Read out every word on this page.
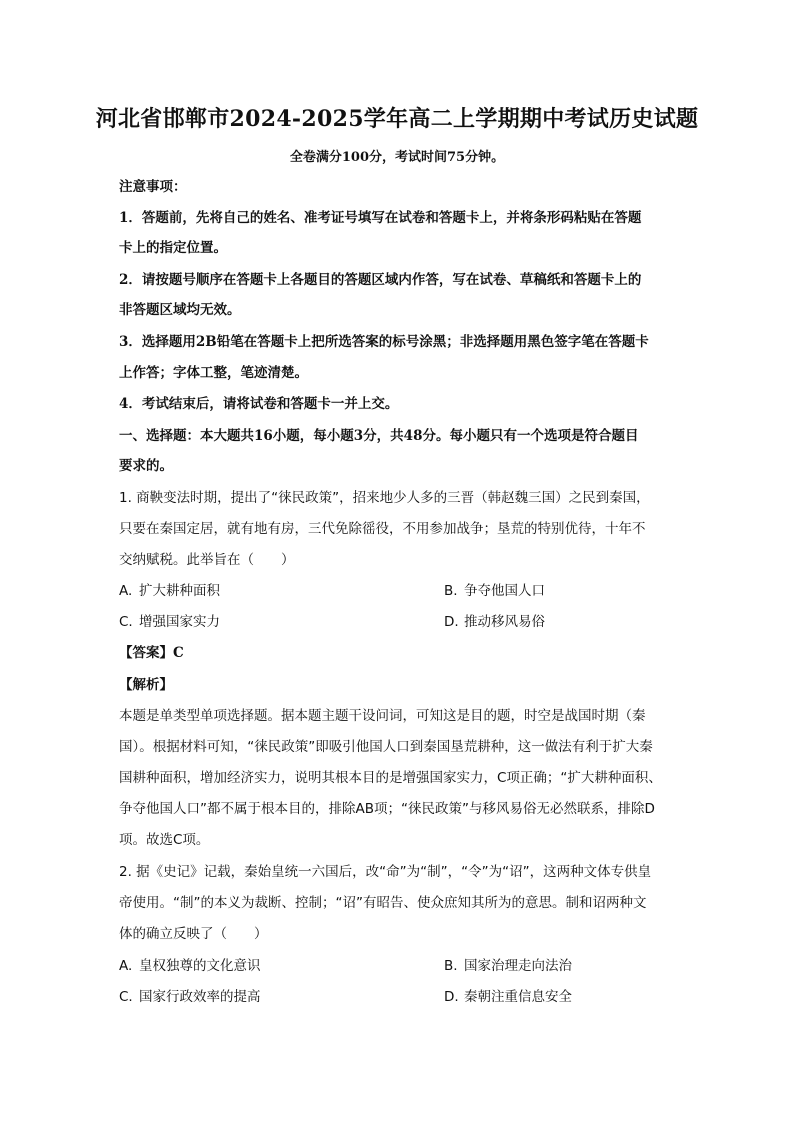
河北省邯郸市2024-2025学年高二上学期期中考试历史试题
全卷满分100分，考试时间75分钟。
注意事项：
1．答题前，先将自己的姓名、准考证号填写在试卷和答题卡上，并将条形码粘贴在答题
卡上的指定位置。
2．请按题号顺序在答题卡上各题目的答题区域内作答，写在试卷、草稿纸和答题卡上的
非答题区域均无效。
3．选择题用2B铅笔在答题卡上把所选答案的标号涂黑；非选择题用黑色签字笔在答题卡
上作答；字体工整，笔迹清楚。
4．考试结束后，请将试卷和答题卡一并上交。
一、选择题：本大题共16小题，每小题3分，共48分。每小题只有一个选项是符合题目
要求的。
1. 商鞅变法时期，提出了“徕民政策”，招来地少人多的三晋（韩赵魏三国）之民到秦国，
只要在秦国定居，就有地有房，三代免除徭役，不用参加战争；垦荒的特别优待，十年不
交纳赋税。此举旨在（　　）
A. 扩大耕种面积	B. 争夺他国人口
C. 增强国家实力	D. 推动移风易俗
【答案】C
【解析】
本题是单类型单项选择题。据本题主题干设问词，可知这是目的题，时空是战国时期（秦
国）。根据材料可知，“徕民政策”即吸引他国人口到秦国垦荒耕种，这一做法有利于扩大秦
国耕种面积，增加经济实力，说明其根本目的是增强国家实力，C项正确；“扩大耕种面积、
争夺他国人口”都不属于根本目的，排除AB项；“徕民政策”与移风易俗无必然联系，排除D
项。故选C项。
2. 据《史记》记载，秦始皇统一六国后，改“命”为“制”，“令”为“诏”，这两种文体专供皇
帝使用。“制”的本义为裁断、控制；“诏”有昭告、使众庶知其所为的意思。制和诏两种文
体的确立反映了（　　）
A. 皇权独尊的文化意识	B. 国家治理走向法治
C. 国家行政效率的提高	D. 秦朝注重信息安全
